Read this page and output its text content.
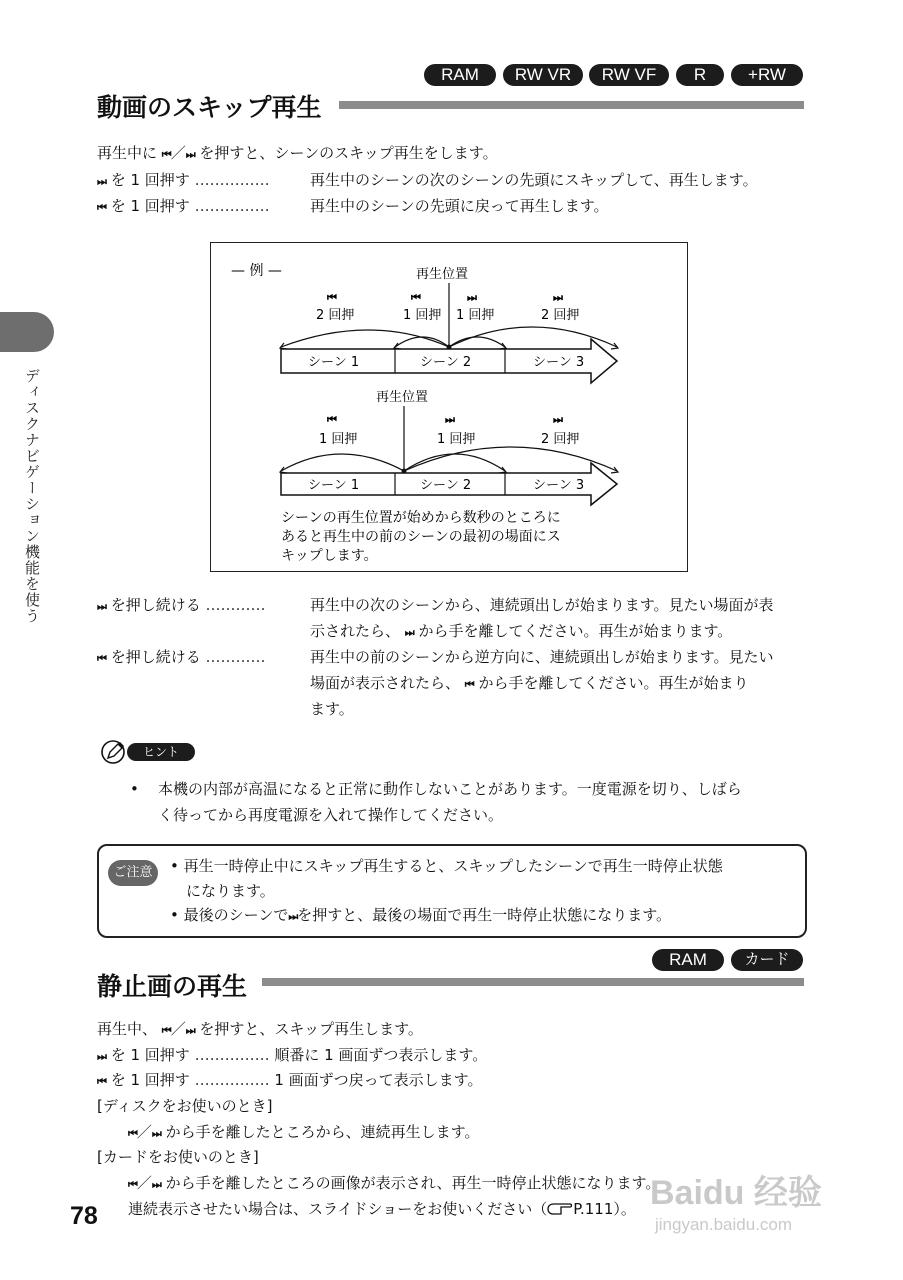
RAM	RW VR	RW VF	R	+RW
動画のスキップ再生
再生中に ⏮／⏭ を押すと、シーンのスキップ再生をします。
⏭ を 1 回押す ……………	再生中のシーンの次のシーンの先頭にスキップして、再生します。
⏮ を 1 回押す ……………	再生中のシーンの先頭に戻って再生します。
— 例 —	再生位置
⏮	⏮	⏭	⏭
2 回押	1 回押 1 回押	2 回押
シーン 1	シーン 2	シーン 3
再生位置
⏮	⏭	⏭
1 回押	1 回押	2 回押
シーン 1	シーン 2	シーン 3
シーンの再生位置が始めから数秒のところに
あると再生中の前のシーンの最初の場面にス
キップします。
⏭ を押し続ける …………	再生中の次のシーンから、連続頭出しが始まります。見たい場面が表
示されたら、 ⏭ から手を離してください。再生が始まります。
⏮ を押し続ける …………	再生中の前のシーンから逆方向に、連続頭出しが始まります。見たい
場面が表示されたら、 ⏮ から手を離してください。再生が始まり
ます。
ヒント
• 本機の内部が高温になると正常に動作しないことがあります。一度電源を切り、しばら
く待ってから再度電源を入れて操作してください。
ご注意	• 再生一時停止中にスキップ再生すると、スキップしたシーンで再生一時停止状態
になります。
• 最後のシーンで⏭を押すと、最後の場面で再生一時停止状態になります。
RAM	カード
静止画の再生
再生中、 ⏮／⏭ を押すと、スキップ再生します。
⏭ を 1 回押す …………… 順番に 1 画面ずつ表示します。
⏮ を 1 回押す …………… 1 画面ずつ戻って表示します。
[ディスクをお使いのとき]
⏮／⏭ から手を離したところから、連続再生します。
[カードをお使いのとき]
⏮／⏭ から手を離したところの画像が表示され、再生一時停止状態になります。
連続表示させたい場合は、スライドショーをお使いください（ P.111）。
ディスクナビゲーション機能を使う
78
Baidu 经验
jingyan.baidu.com
